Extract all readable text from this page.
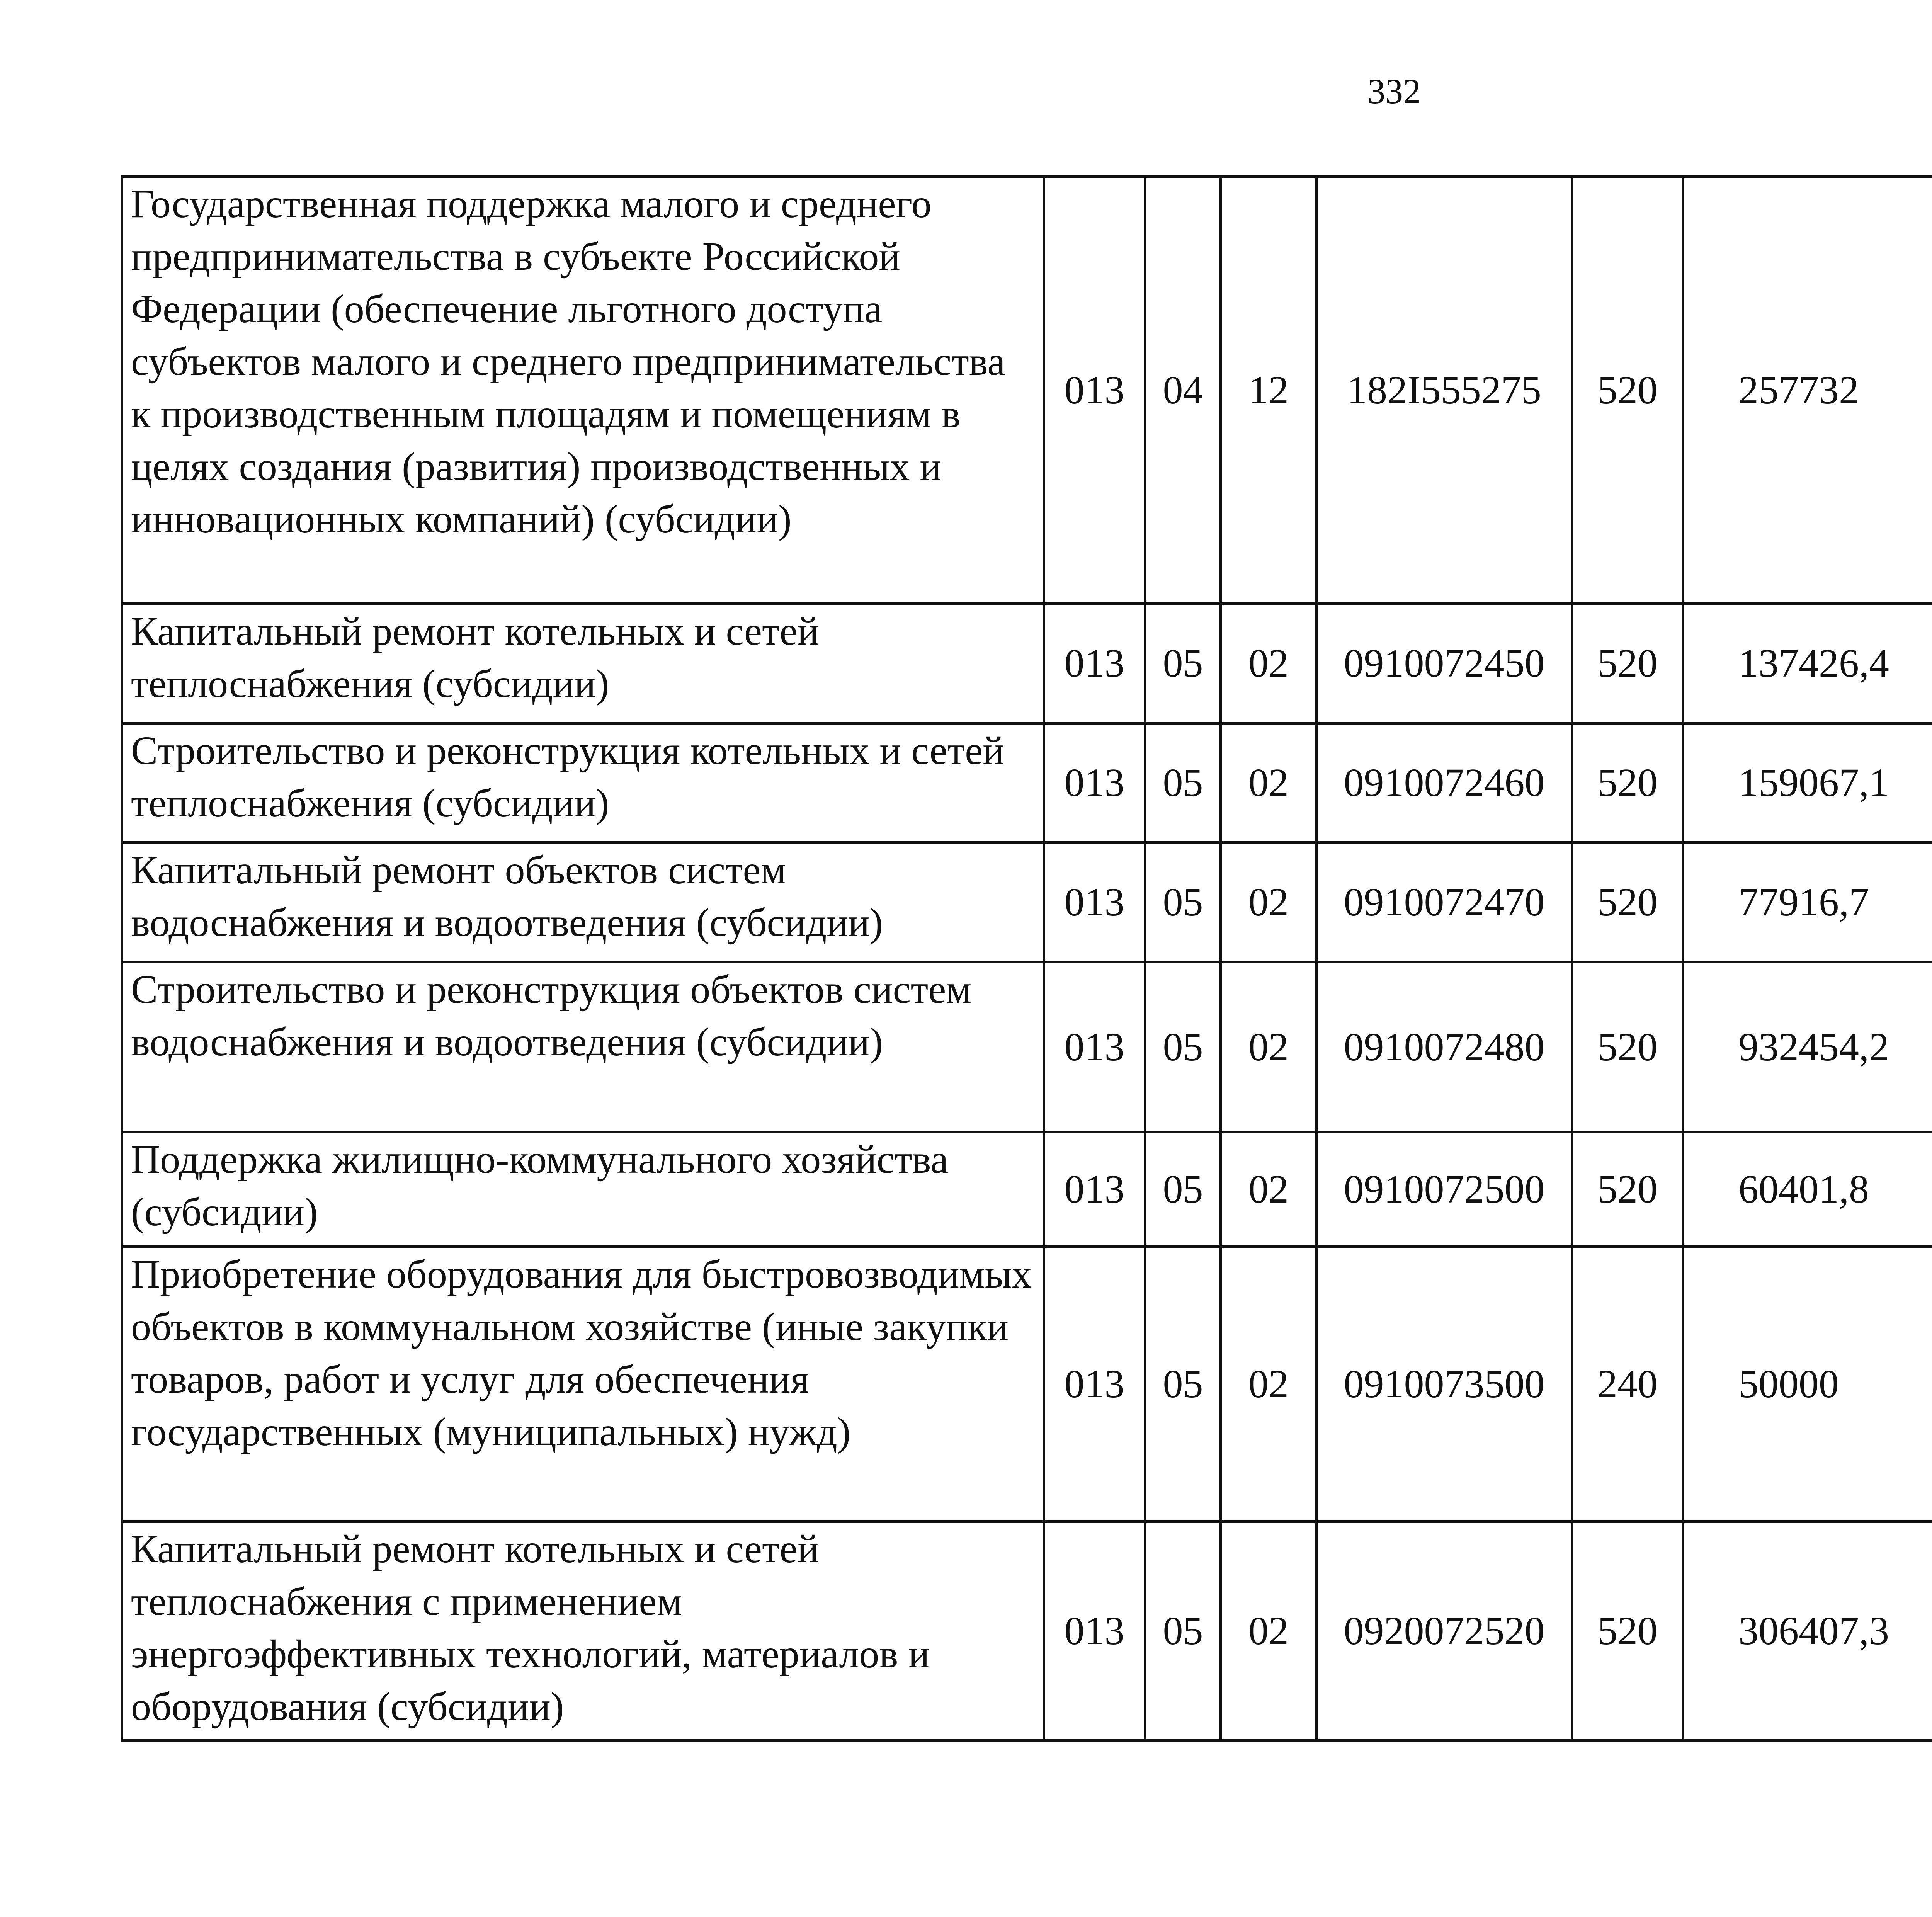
332
Государственная поддержка малого и среднего предпринимательства в субъекте Российской Федерации (обеспечение льготного доступа субъектов малого и среднего предпринимательства к производственным площадям и помещениям в целях создания (развития) производственных и инновационных компаний) (субсидии)	013	04	12	182I555275	520	257732		
Капитальный ремонт котельных и сетей теплоснабжения (субсидии)	013	05	02	0910072450	520	137426,4		
Строительство и реконструкция котельных и сетей теплоснабжения (субсидии)	013	05	02	0910072460	520	159067,1		
Капитальный ремонт объектов систем водоснабжения и водоотведения (субсидии)	013	05	02	0910072470	520	77916,7		
Строительство и реконструкция объектов систем водоснабжения и водоотведения (субсидии)	013	05	02	0910072480	520	932454,2		
Поддержка жилищно-коммунального хозяйства (субсидии)	013	05	02	0910072500	520	60401,8		
Приобретение оборудования для быстровозводимых объектов в коммунальном хозяйстве (иные закупки товаров, работ и услуг для обеспечения государственных (муниципальных) нужд)	013	05	02	0910073500	240	50000		
Капитальный ремонт котельных и сетей теплоснабжения с применением энергоэффективных технологий, материалов и оборудования (субсидии)	013	05	02	0920072520	520	306407,3		
